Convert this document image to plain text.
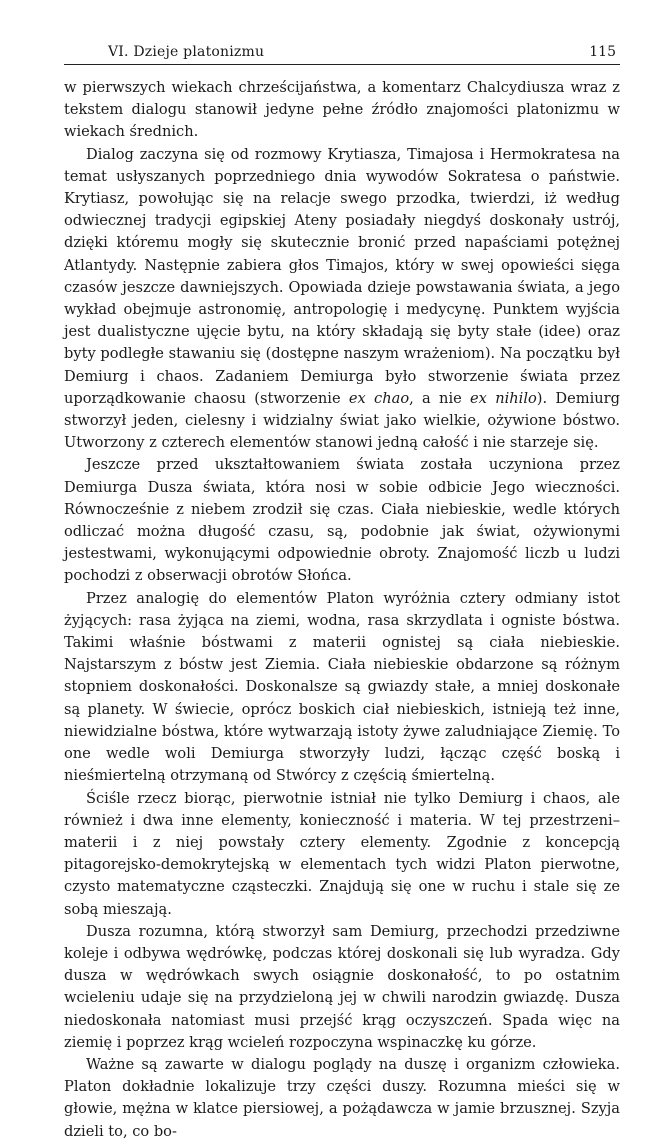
VI. Dzieje platonizmu	115

w pierwszych wiekach chrześcijaństwa, a komentarz Chalcydiusza wraz z tekstem dialogu stanowił jedyne pełne źródło znajomości platonizmu w wiekach średnich.

Dialog zaczyna się od rozmowy Krytiasza, Timajosa i Hermokratesa na temat usłyszanych poprzedniego dnia wywodów Sokratesa o państwie. Krytiasz, powołując się na relacje swego przodka, twierdzi, iż według odwiecznej tradycji egipskiej Ateny posiadały niegdyś doskonały ustrój, dzięki któremu mogły się skutecznie bronić przed napaściami potężnej Atlantydy. Następnie zabiera głos Timajos, który w swej opowieści sięga czasów jeszcze dawniejszych. Opowiada dzieje powstawania świata, a jego wykład obejmuje astronomię, antropologię i medycynę. Punktem wyjścia jest dualistyczne ujęcie bytu, na który składają się byty stałe (idee) oraz byty podległe stawaniu się (dostępne naszym wrażeniom). Na początku był Demiurg i chaos. Zadaniem Demiurga było stworzenie świata przez uporządkowanie chaosu (stworzenie ex chao, a nie ex nihilo). Demiurg stworzył jeden, cielesny i widzialny świat jako wielkie, ożywione bóstwo. Utworzony z czterech elementów stanowi jedną całość i nie starzeje się.

Jeszcze przed ukształtowaniem świata została uczyniona przez Demiurga Dusza świata, która nosi w sobie odbicie Jego wieczności. Równocześnie z niebem zrodził się czas. Ciała niebieskie, wedle których odliczać można długość czasu, są, podobnie jak świat, ożywionymi jestestwami, wykonującymi odpowiednie obroty. Znajomość liczb u ludzi pochodzi z obserwacji obrotów Słońca.

Przez analogię do elementów Platon wyróżnia cztery odmiany istot żyjących: rasa żyjąca na ziemi, wodna, rasa skrzydlata i ogniste bóstwa. Takimi właśnie bóstwami z materii ognistej są ciała niebieskie. Najstarszym z bóstw jest Ziemia. Ciała niebieskie obdarzone są różnym stopniem doskonałości. Doskonalsze są gwiazdy stałe, a mniej doskonałe są planety. W świecie, oprócz boskich ciał niebieskich, istnieją też inne, niewidzialne bóstwa, które wytwarzają istoty żywe zaludniające Ziemię. To one wedle woli Demiurga stworzyły ludzi, łącząc część boską i nieśmiertelną otrzymaną od Stwórcy z częścią śmiertelną.

Ściśle rzecz biorąc, pierwotnie istniał nie tylko Demiurg i chaos, ale również i dwa inne elementy, konieczność i materia. W tej przestrzeni–materii i z niej powstały cztery elementy. Zgodnie z koncepcją pitagorejsko-demokrytejską w elementach tych widzi Platon pierwotne, czysto matematyczne cząsteczki. Znajdują się one w ruchu i stale się ze sobą mieszają.

Dusza rozumna, którą stworzył sam Demiurg, przechodzi przedziwne koleje i odbywa wędrówkę, podczas której doskonali się lub wyradza. Gdy dusza w wędrówkach swych osiągnie doskonałość, to po ostatnim wcieleniu udaje się na przydzieloną jej w chwili narodzin gwiazdę. Dusza niedoskonała natomiast musi przejść krąg oczyszczeń. Spada więc na ziemię i poprzez krąg wcieleń rozpoczyna wspinaczkę ku górze.

Ważne są zawarte w dialogu poglądy na duszę i organizm człowieka. Platon dokładnie lokalizuje trzy części duszy. Rozumna mieści się w głowie, mężna w klatce piersiowej, a pożądawcza w jamie brzusznej. Szyja dzieli to, co bo-
